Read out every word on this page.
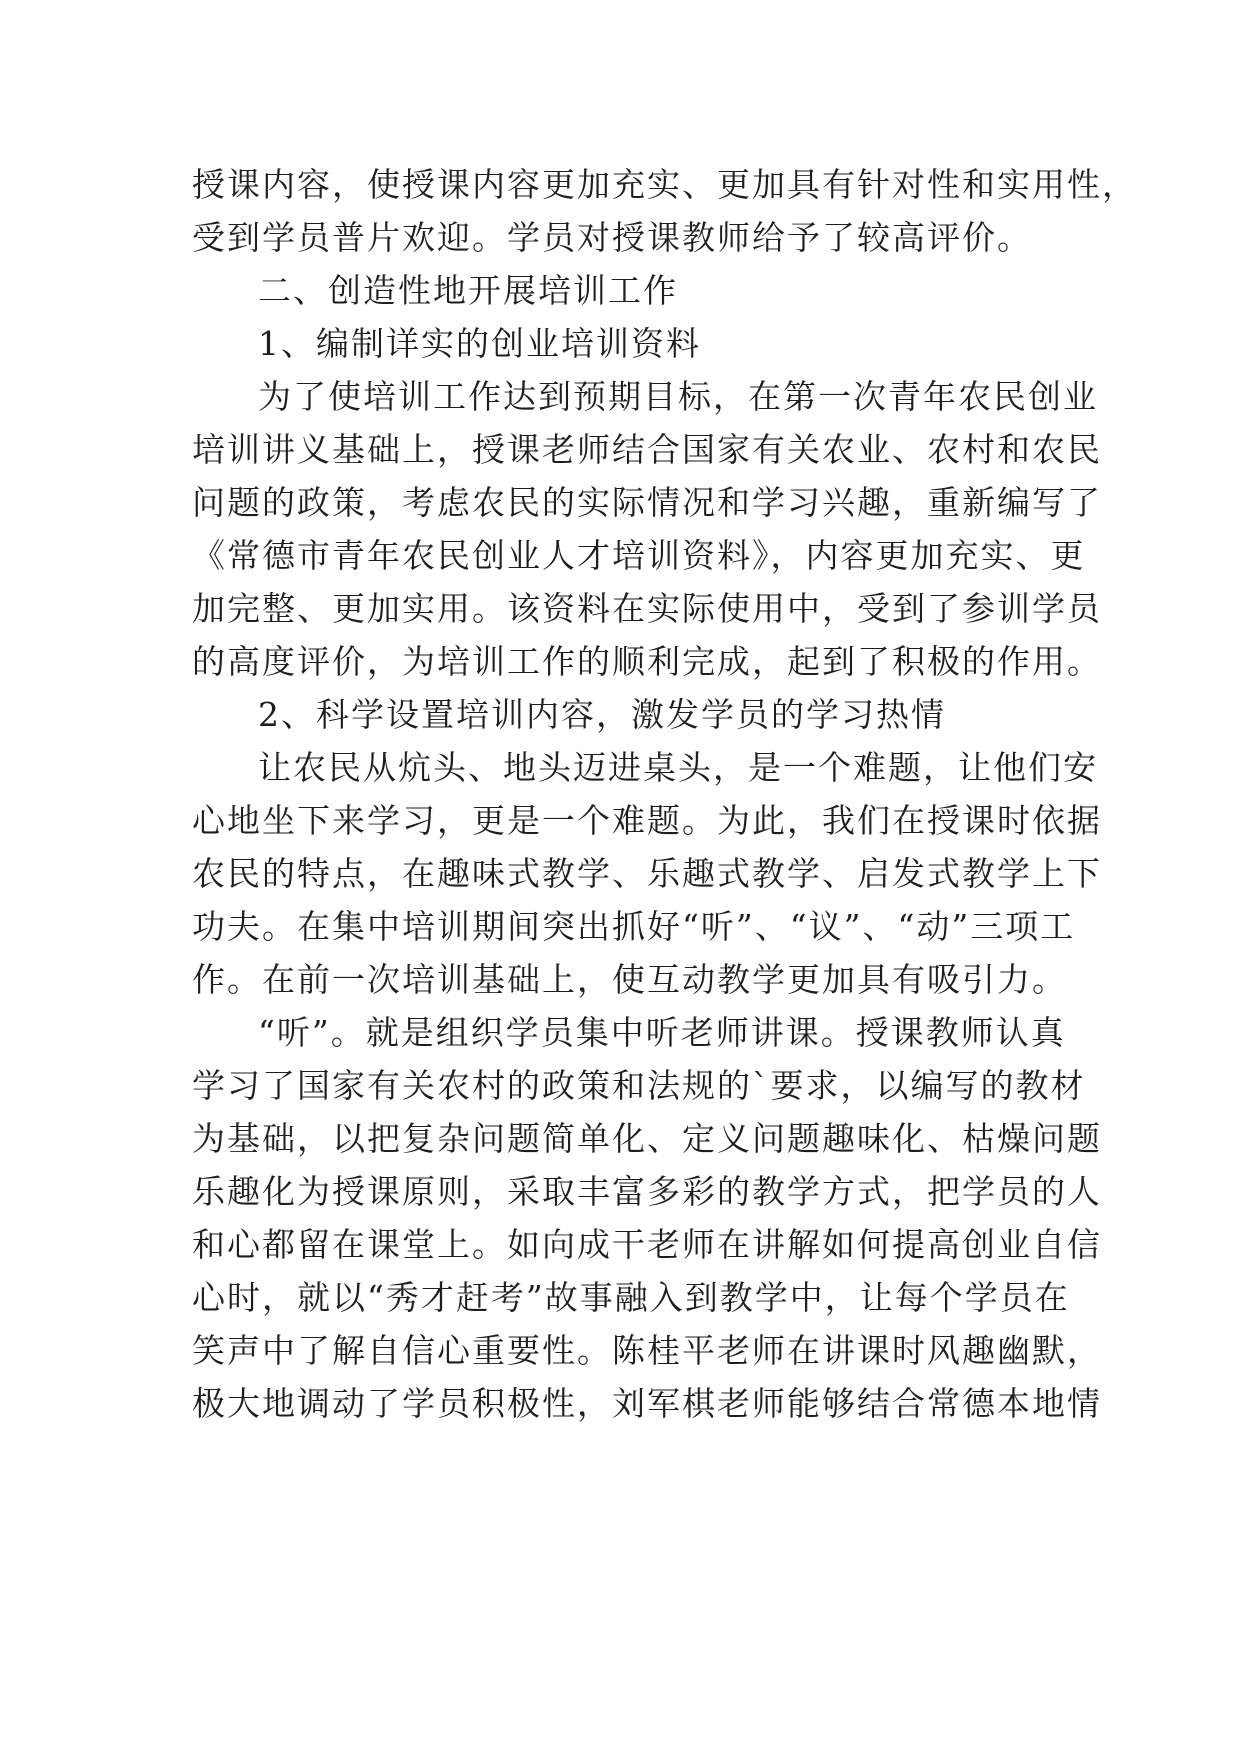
授课内容，使授课内容更加充实、更加具有针对性和实用性，
受到学员普片欢迎。学员对授课教师给予了较高评价。
二、创造性地开展培训工作
1、编制详实的创业培训资料
为了使培训工作达到预期目标，在第一次青年农民创业
培训讲义基础上，授课老师结合国家有关农业、农村和农民
问题的政策，考虑农民的实际情况和学习兴趣，重新编写了
《常德市青年农民创业人才培训资料》，内容更加充实、更
加完整、更加实用。该资料在实际使用中，受到了参训学员
的高度评价，为培训工作的顺利完成，起到了积极的作用。
2、科学设置培训内容，激发学员的学习热情
让农民从炕头、地头迈进桌头，是一个难题，让他们安
心地坐下来学习，更是一个难题。为此，我们在授课时依据
农民的特点，在趣味式教学、乐趣式教学、启发式教学上下
功夫。在集中培训期间突出抓好“听”、“议”、“动”三项工
作。在前一次培训基础上，使互动教学更加具有吸引力。
“听”。就是组织学员集中听老师讲课。授课教师认真
学习了国家有关农村的政策和法规的`要求，以编写的教材
为基础，以把复杂问题简单化、定义问题趣味化、枯燥问题
乐趣化为授课原则，采取丰富多彩的教学方式，把学员的人
和心都留在课堂上。如向成干老师在讲解如何提高创业自信
心时，就以“秀才赶考”故事融入到教学中，让每个学员在
笑声中了解自信心重要性。陈桂平老师在讲课时风趣幽默，
极大地调动了学员积极性，刘军棋老师能够结合常德本地情
